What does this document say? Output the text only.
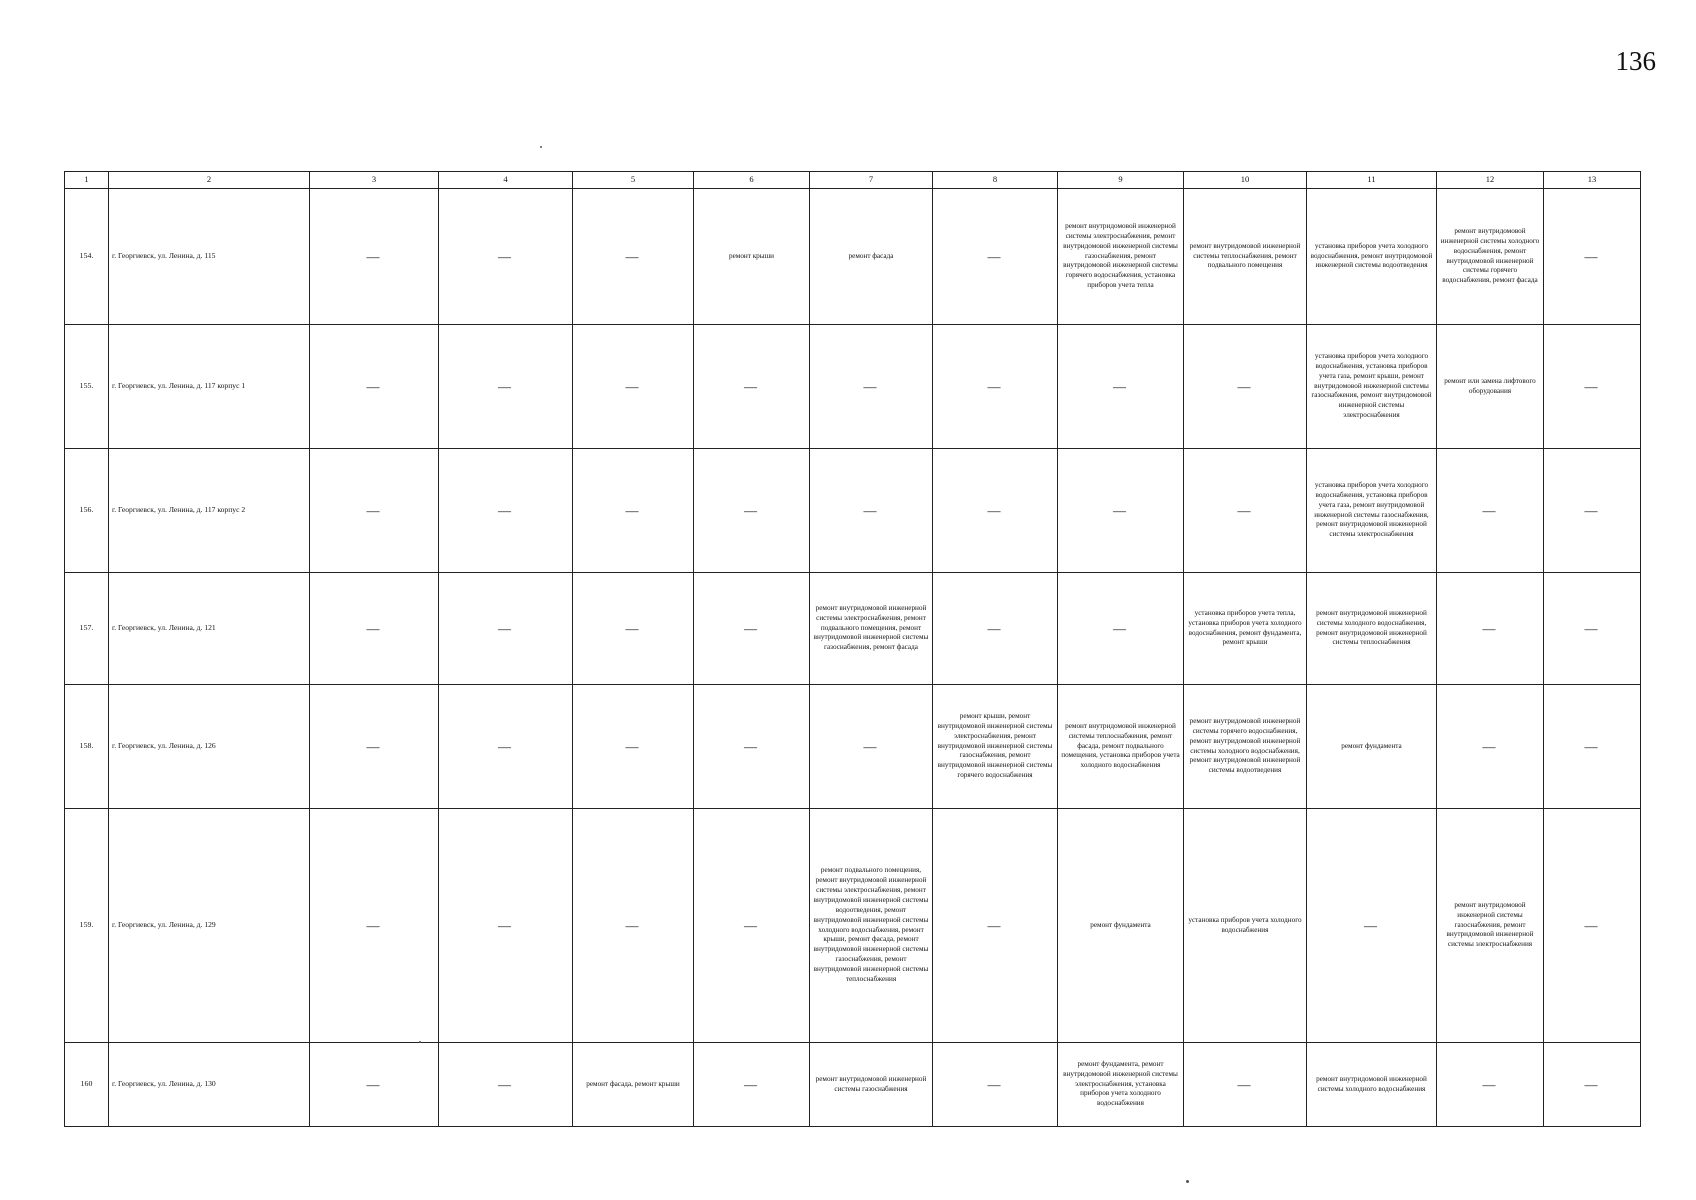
136
1	2	3	4	5	6	7	8	9	10	11	12	13
154.	г. Георгиевск, ул. Ленина, д. 115	—	—	—	ремонт крыши	ремонт фасада	—	ремонт внутридомовой инженерной системы электроснабжения, ремонт внутридомовой инженерной системы газоснабжения, ремонт внутридомовой инженерной системы горячего водоснабжения, установка приборов учета тепла	ремонт внутридомовой инженерной системы теплоснабжения, ремонт подвального помещения	установка приборов учета холодного водоснабжения, ремонт внутридомовой инженерной системы водоотведения	ремонт внутридомовой инженерной системы холодного водоснабжения, ремонт внутридомовой инженерной системы горячего водоснабжения, ремонт фасада	—
155.	г. Георгиевск, ул. Ленина, д. 117 корпус 1	—	—	—	—	—	—	—	—	установка приборов учета холодного водоснабжения, установка приборов учета газа, ремонт крыши, ремонт внутридомовой инженерной системы газоснабжения, ремонт внутридомовой инженерной системы электроснабжения	ремонт или замена лифтового оборудования	—
156.	г. Георгиевск, ул. Ленина, д. 117 корпус 2	—	—	—	—	—	—	—	—	установка приборов учета холодного водоснабжения, установка приборов учета газа, ремонт внутридомовой инженерной системы газоснабжения, ремонт внутридомовой инженерной системы электроснабжения	—	—
157.	г. Георгиевск, ул. Ленина, д. 121	—	—	—	—	ремонт внутридомовой инженерной системы электроснабжения, ремонт подвального помещения, ремонт внутридомовой инженерной системы газоснабжения, ремонт фасада	—	—	установка приборов учета тепла, установка приборов учета холодного водоснабжения, ремонт фундамента, ремонт крыши	ремонт внутридомовой инженерной системы холодного водоснабжения, ремонт внутридомовой инженерной системы теплоснабжения	—	—
158.	г. Георгиевск, ул. Ленина, д. 126	—	—	—	—	—	ремонт крыши, ремонт внутридомовой инженерной системы электроснабжения, ремонт внутридомовой инженерной системы газоснабжения, ремонт внутридомовой инженерной системы горячего водоснабжения	ремонт внутридомовой инженерной системы теплоснабжения, ремонт фасада, ремонт подвального помещения, установка приборов учета холодного водоснабжения	ремонт внутридомовой инженерной системы горячего водоснабжения, ремонт внутридомовой инженерной системы холодного водоснабжения, ремонт внутридомовой инженерной системы водоотведения	ремонт фундамента	—	—
159.	г. Георгиевск, ул. Ленина, д. 129	—	—	—	—	ремонт подвального помещения, ремонт внутридомовой инженерной системы электроснабжения, ремонт внутридомовой инженерной системы водоотведения, ремонт внутридомовой инженерной системы холодного водоснабжения, ремонт крыши, ремонт фасада, ремонт внутридомовой инженерной системы газоснабжения, ремонт внутридомовой инженерной системы теплоснабжения	—	ремонт фундамента	установка приборов учета холодного водоснабжения	—	ремонт внутридомовой инженерной системы газоснабжения, ремонт внутридомовой инженерной системы электроснабжения	—
160	г. Георгиевск, ул. Ленина, д. 130	—	—	ремонт фасада, ремонт крыши	—	ремонт внутридомовой инженерной системы газоснабжения	—	ремонт фундамента, ремонт внутридомовой инженерной системы электроснабжения, установка приборов учета холодного водоснабжения	—	ремонт внутридомовой инженерной системы холодного водоснабжения	—	—
